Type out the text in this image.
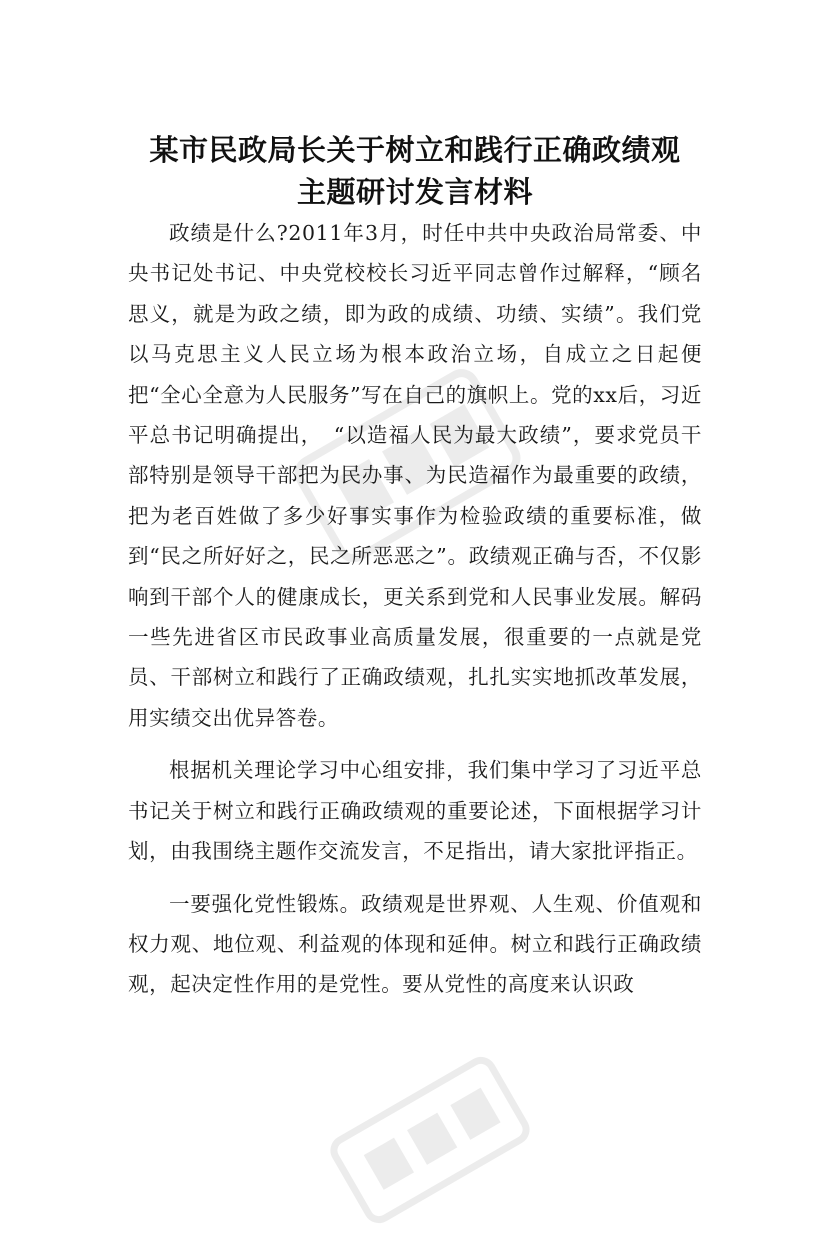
某市民政局长关于树立和践行正确政绩观
主题研讨发言材料

政绩是什么?2011年3月，时任中共中央政治局常委、中央书记处书记、中央党校校长习近平同志曾作过解释，“顾名思义，就是为政之绩，即为政的成绩、功绩、实绩”。我们党以马克思主义人民立场为根本政治立场，自成立之日起便把“全心全意为人民服务”写在自己的旗帜上。党的xx后，习近平总书记明确提出，　“以造福人民为最大政绩”，要求党员干部特别是领导干部把为民办事、为民造福作为最重要的政绩，把为老百姓做了多少好事实事作为检验政绩的重要标准，做到“民之所好好之，民之所恶恶之”。政绩观正确与否，不仅影响到干部个人的健康成长，更关系到党和人民事业发展。解码一些先进省区市民政事业高质量发展，很重要的一点就是党员、干部树立和践行了正确政绩观，扎扎实实地抓改革发展，用实绩交出优异答卷。

根据机关理论学习中心组安排，我们集中学习了习近平总书记关于树立和践行正确政绩观的重要论述，下面根据学习计划，由我围绕主题作交流发言，不足指出，请大家批评指正。

一要强化党性锻炼。政绩观是世界观、人生观、价值观和权力观、地位观、利益观的体现和延伸。树立和践行正确政绩观，起决定性作用的是党性。要从党性的高度来认识政
